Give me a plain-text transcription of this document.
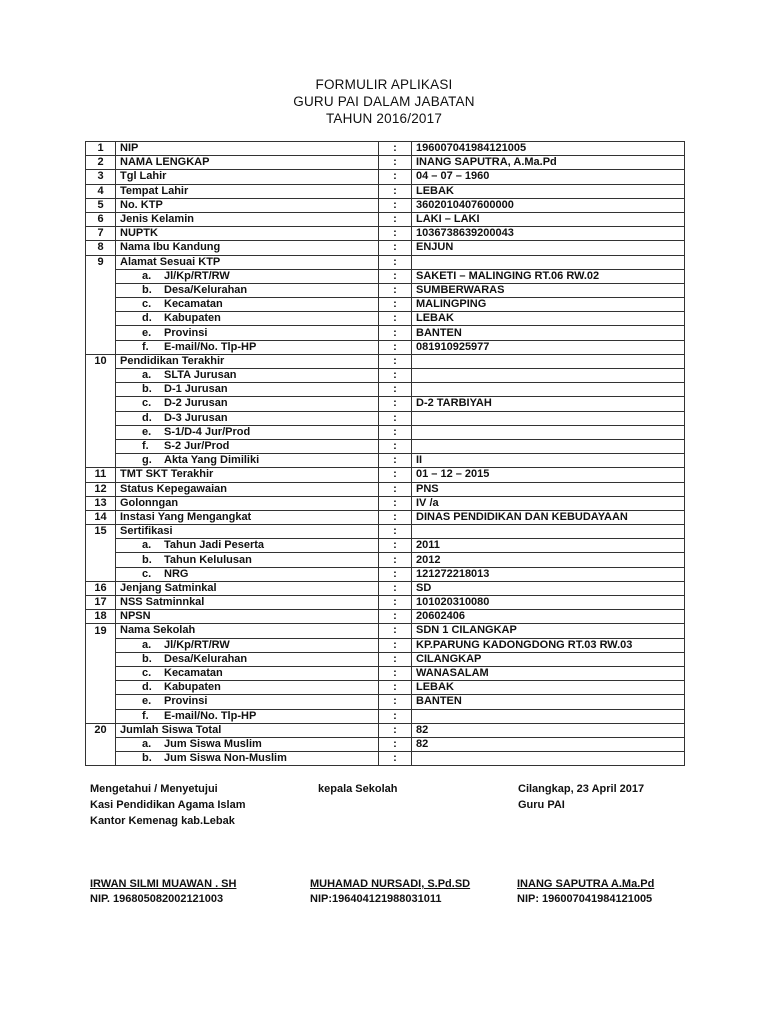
FORMULIR APLIKASI
GURU PAI DALAM JABATAN
TAHUN 2016/2017
1	NIP	:	196007041984121005
2	NAMA LENGKAP	:	INANG SAPUTRA, A.Ma.Pd
3	Tgl Lahir	:	04 – 07 – 1960
4	Tempat Lahir	:	LEBAK
5	No. KTP	:	3602010407600000
6	Jenis Kelamin	:	LAKI – LAKI
7	NUPTK	:	1036738639200043
8	Nama Ibu Kandung	:	ENJUN
9	Alamat Sesuai KTP	:	
	a. Jl/Kp/RT/RW	:	SAKETI – MALINGING RT.06 RW.02
	b. Desa/Kelurahan	:	SUMBERWARAS
	c. Kecamatan	:	MALINGPING
	d. Kabupaten	:	LEBAK
	e. Provinsi	:	BANTEN
	f. E-mail/No. Tlp-HP	:	081910925977
10	Pendidikan Terakhir	:	
	a. SLTA Jurusan	:	
	b. D-1 Jurusan	:	
	c. D-2 Jurusan	:	D-2 TARBIYAH
	d. D-3 Jurusan	:	
	e. S-1/D-4 Jur/Prod	:	
	f. S-2 Jur/Prod	:	
	g. Akta Yang Dimiliki	:	II
11	TMT SKT Terakhir	:	01 – 12 – 2015
12	Status Kepegawaian	:	PNS
13	Golonngan	:	IV /a
14	Instasi Yang Mengangkat	:	DINAS PENDIDIKAN DAN KEBUDAYAAN
15	Sertifikasi	:	
	a. Tahun Jadi Peserta	:	2011
	b. Tahun Kelulusan	:	2012
	c. NRG	:	121272218013
16	Jenjang Satminkal	:	SD
17	NSS Satminnkal	:	101020310080
18	NPSN	:	20602406
19	Nama Sekolah	:	SDN 1 CILANGKAP
	a. Jl/Kp/RT/RW	:	KP.PARUNG KADONGDONG RT.03 RW.03
	b. Desa/Kelurahan	:	CILANGKAP
	c. Kecamatan	:	WANASALAM
	d. Kabupaten	:	LEBAK
	e. Provinsi	:	BANTEN
	f. E-mail/No. Tlp-HP	:	
20	Jumlah Siswa Total	:	82
	a. Jum Siswa Muslim	:	82
	b. Jum Siswa Non-Muslim	:	
Mengetahui / Menyetujui
Kasi Pendidikan Agama Islam
Kantor Kemenag kab.Lebak
IRWAN SILMI MUAWAN . SH
NIP. 196805082002121003
kepala Sekolah
MUHAMAD NURSADI, S.Pd.SD
NIP:196404121988031011
Cilangkap, 23 April 2017
Guru PAI
INANG SAPUTRA A.Ma.Pd
NIP: 196007041984121005
